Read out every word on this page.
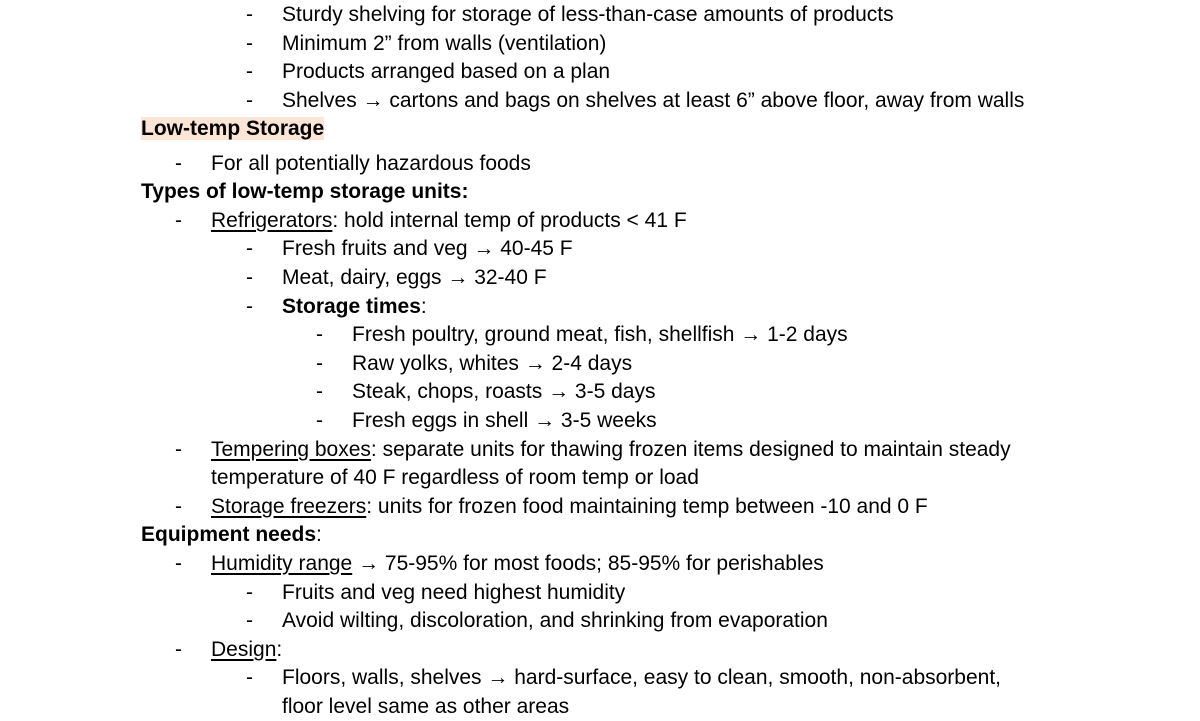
- Sturdy shelving for storage of less-than-case amounts of products
- Minimum 2” from walls (ventilation)
- Products arranged based on a plan
- Shelves → cartons and bags on shelves at least 6” above floor, away from walls
Low-temp Storage
- For all potentially hazardous foods
Types of low-temp storage units:
- Refrigerators: hold internal temp of products < 41 F
- Fresh fruits and veg → 40-45 F
- Meat, dairy, eggs → 32-40 F
- Storage times:
- Fresh poultry, ground meat, fish, shellfish → 1-2 days
- Raw yolks, whites → 2-4 days
- Steak, chops, roasts → 3-5 days
- Fresh eggs in shell → 3-5 weeks
- Tempering boxes: separate units for thawing frozen items designed to maintain steady
temperature of 40 F regardless of room temp or load
- Storage freezers: units for frozen food maintaining temp between -10 and 0 F
Equipment needs:
- Humidity range → 75-95% for most foods; 85-95% for perishables
- Fruits and veg need highest humidity
- Avoid wilting, discoloration, and shrinking from evaporation
- Design:
- Floors, walls, shelves → hard-surface, easy to clean, smooth, non-absorbent,
floor level same as other areas
